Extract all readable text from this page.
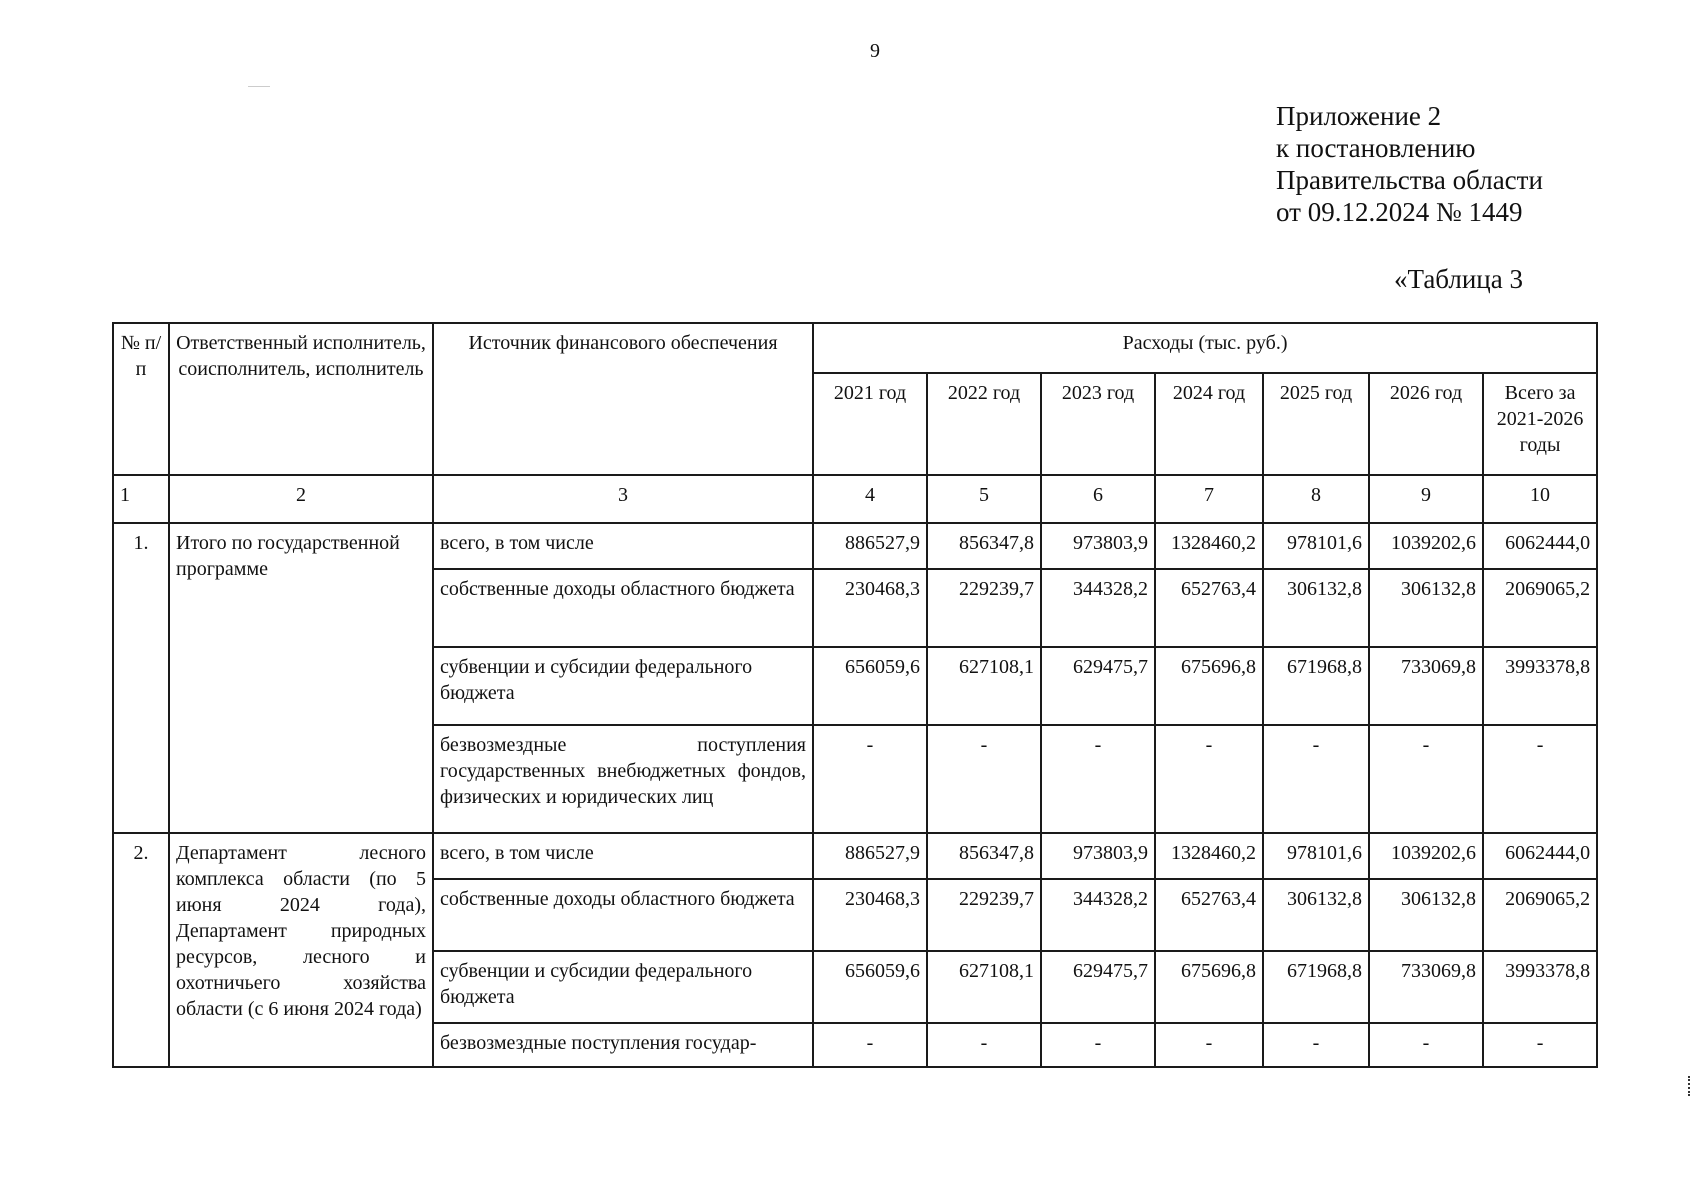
9
Приложение 2
к постановлению
Правительства области
от 09.12.2024 № 1449
«Таблица 3
№ п/п	Ответственный исполнитель, соисполнитель, исполнитель	Источник финансового обеспечения	Расходы (тыс. руб.)						
			2021 год	2022 год	2023 год	2024 год	2025 год	2026 год	Всего за 2021-2026 годы
1	2	3	4	5	6	7	8	9	10
1.	Итого по государственной программе	всего, в том числе	886527,9	856347,8	973803,9	1328460,2	978101,6	1039202,6	6062444,0
		собственные доходы областного бюджета	230468,3	229239,7	344328,2	652763,4	306132,8	306132,8	2069065,2
		субвенции и субсидии федерального бюджета	656059,6	627108,1	629475,7	675696,8	671968,8	733069,8	3993378,8
		безвозмездные поступления государственных внебюджетных фондов, физических и юридических лиц	-	-	-	-	-	-	-
2.	Департамент лесного комплекса области (по 5 июня 2024 года), Департамент природных ресурсов, лесного и охотничьего хозяйства области (с 6 июня 2024 года)	всего, в том числе	886527,9	856347,8	973803,9	1328460,2	978101,6	1039202,6	6062444,0
		собственные доходы областного бюджета	230468,3	229239,7	344328,2	652763,4	306132,8	306132,8	2069065,2
		субвенции и субсидии федерального бюджета	656059,6	627108,1	629475,7	675696,8	671968,8	733069,8	3993378,8
		безвозмездные поступления государ-	-	-	-	-	-	-	-
